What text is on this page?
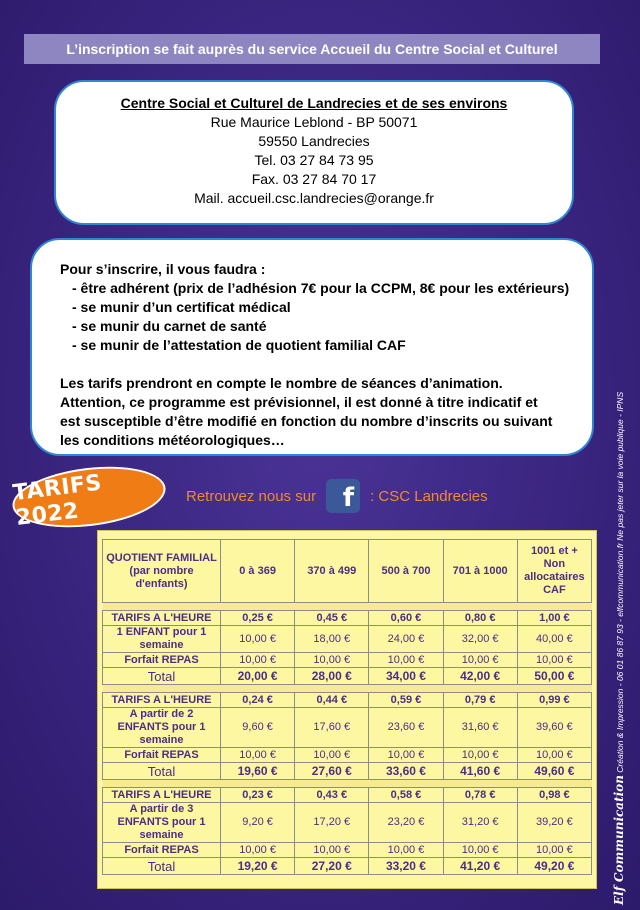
L’inscription se fait auprès du service Accueil du Centre Social et Culturel
Centre Social et Culturel de Landrecies et de ses environs
Rue Maurice Leblond - BP 50071
59550 Landrecies
Tel. 03 27 84 73 95
Fax. 03 27 84 70 17
Mail. accueil.csc.landrecies@orange.fr

Pour s’inscrire, il vous faudra :

- être adhérent (prix de l’adhésion 7€ pour la CCPM, 8€ pour les extérieurs)
- se munir d’un certificat médical
- se munir du carnet de santé
- se munir de l’attestation de quotient familial CAF

Les tarifs prendront en compte le nombre de séances d’animation.

Attention, ce programme est prévisionnel, il est donné à titre indicatif et

est susceptible d’être modifié en fonction du nombre d’inscrits ou suivant

les conditions météorologiques…

TARIFS 2022
Retrouvez nous sur	f	: CSC Landrecies
QUOTIENT FAMILIAL (par nombre d'enfants)	0 à 369	370 à 499	500 à 700	701 à 1000	1001 et + Non allocataires CAF

TARIFS A L'HEURE	0,25 €	0,45 €	0,60 €	0,80 €	1,00 €
1 ENFANT pour 1 semaine	10,00 €	18,00 €	24,00 €	32,00 €	40,00 €
Forfait REPAS	10,00 €	10,00 €	10,00 €	10,00 €	10,00 €
Total	20,00 €	28,00 €	34,00 €	42,00 €	50,00 €

TARIFS A L'HEURE	0,24 €	0,44 €	0,59 €	0,79 €	0,99 €
A partir de 2 ENFANTS pour 1 semaine	9,60 €	17,60 €	23,60 €	31,60 €	39,60 €
Forfait REPAS	10,00 €	10,00 €	10,00 €	10,00 €	10,00 €
Total	19,60 €	27,60 €	33,60 €	41,60 €	49,60 €

TARIFS A L'HEURE	0,23 €	0,43 €	0,58 €	0,78 €	0,98 €
A partir de 3 ENFANTS pour 1 semaine	9,20 €	17,20 €	23,20 €	31,20 €	39,20 €
Forfait REPAS	10,00 €	10,00 €	10,00 €	10,00 €	10,00 €
Total	19,20 €	27,20 €	33,20 €	41,20 €	49,20 €	Elf Communication Création & Impression - 06 01 86 87 93 - elfcommunication.fr Ne pas jeter sur la voie publique - IPNS
